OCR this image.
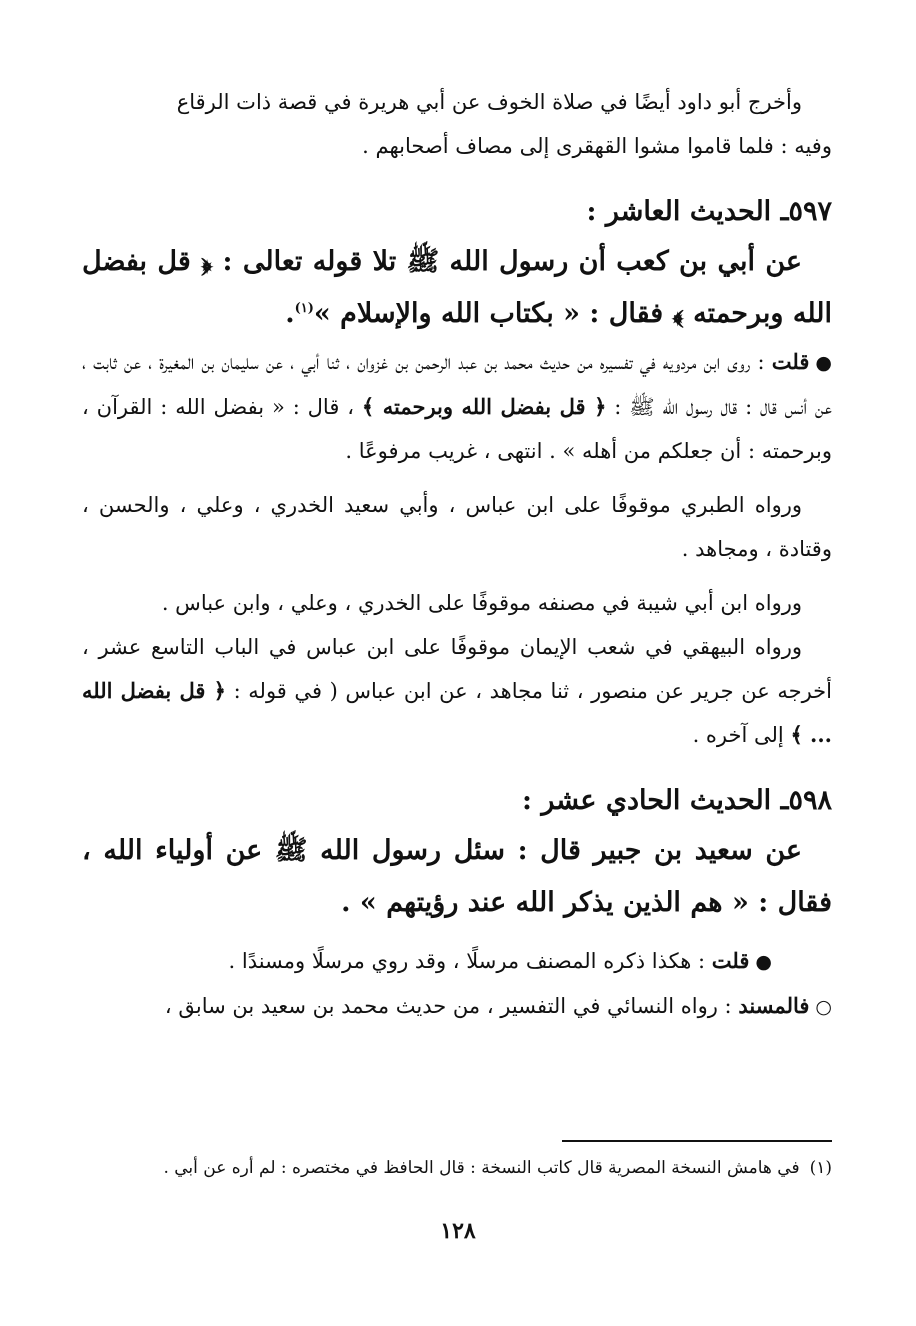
وأخرج أبو داود أيضًا في صلاة الخوف عن أبي هريرة في قصة ذات الرقاع

وفيه : فلما قاموا مشوا القهقرى إلى مصاف أصحابهم .

٥٩٧ـ الحديث العاشر :

عن أبي بن كعب أن رسول الله ﷺ تلا قوله تعالى : ﴿ قل بفضل الله وبرحمته ﴾ فقال : « بكتاب الله والإسلام »$^{(١)}$.

●قلت : روى ابن مردويه في تفسيره من حديث محمد بن عبد الرحمن بن غزوان ، ثنا أبي ، عن سليمان بن المغيرة ، عن ثابت ، عن أنس قال : قال رسول الله ﷺ : ﴿ قل بفضل الله وبرحمته ﴾ ، قال : « بفضل الله : القرآن ، وبرحمته : أن جعلكم من أهله » . انتهى ، غريب مرفوعًا .

ورواه الطبري موقوفًا على ابن عباس ، وأبي سعيد الخدري ، وعلي ، والحسن ، وقتادة ، ومجاهد .

ورواه ابن أبي شيبة في مصنفه موقوفًا على الخدري ، وعلي ، وابن عباس .

ورواه البيهقي في شعب الإيمان موقوفًا على ابن عباس في الباب التاسع عشر ، أخرجه عن جرير عن منصور ، ثنا مجاهد ، عن ابن عباس ( في قوله : ﴿ قل بفضل الله ... ﴾ إلى آخره .

٥٩٨ـ الحديث الحادي عشر :

عن سعيد بن جبير قال : سئل رسول الله ﷺ عن أولياء الله ، فقال : « هم الذين يذكر الله عند رؤيتهم » .

●قلت : هكذا ذكره المصنف مرسلًا ، وقد روي مرسلًا ومسندًا .

○فالمسند : رواه النسائي في التفسير ، من حديث محمد بن سعيد بن سابق ،

(١)في هامش النسخة المصرية قال كاتب النسخة : قال الحافظ في مختصره : لم أره عن أبي .
١٢٨
